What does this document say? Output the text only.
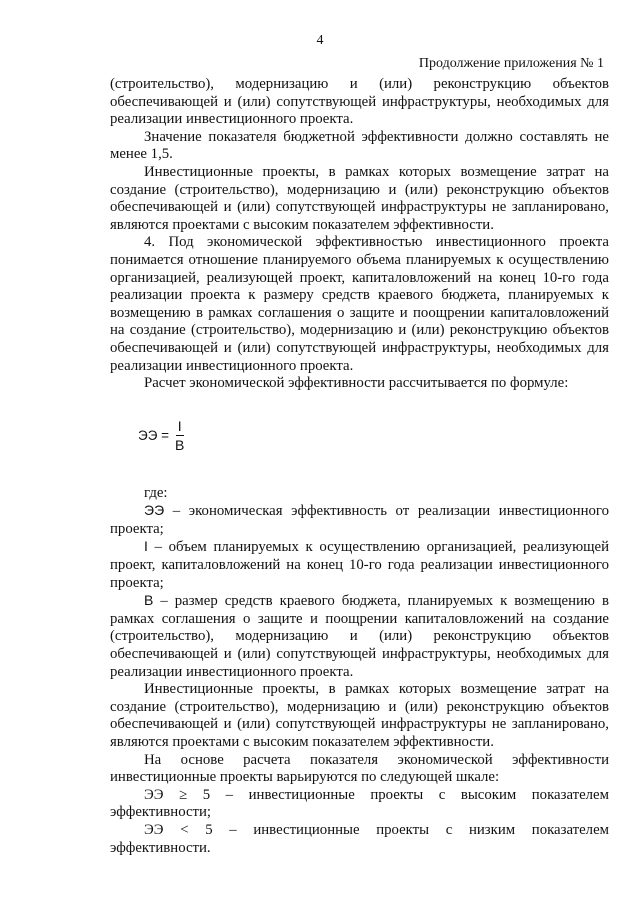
4
Продолжение приложения № 1

(строительство), модернизацию и (или) реконструкцию объектов обеспечивающей и (или) сопутствующей инфраструктуры, необходимых для реализации инвестиционного проекта.

Значение показателя бюджетной эффективности должно составлять не менее 1,5.

Инвестиционные проекты, в рамках которых возмещение затрат на создание (строительство), модернизацию и (или) реконструкцию объектов обеспечивающей и (или) сопутствующей инфраструктуры не запланировано, являются проектами с высоким показателем эффективности.

4. Под экономической эффективностью инвестиционного проекта понимается отношение планируемого объема планируемых к осуществлению организацией, реализующей проект, капиталовложений на конец 10-го года реализации проекта к размеру средств краевого бюджета, планируемых к возмещению в рамках соглашения о защите и поощрении капиталовложений на создание (строительство), модернизацию и (или) реконструкцию объектов обеспечивающей и (или) сопутствующей инфраструктуры, необходимых для реализации инвестиционного проекта.

Расчет экономической эффективности рассчитывается по формуле:

ЭЭ = $\frac{I}{B}$

где:

ЭЭ – экономическая эффективность от реализации инвестиционного проекта;

I – объем планируемых к осуществлению организацией, реализующей проект, капиталовложений на конец 10-го года реализации инвестиционного проекта;

B – размер средств краевого бюджета, планируемых к возмещению в рамках соглашения о защите и поощрении капиталовложений на создание (строительство), модернизацию и (или) реконструкцию объектов обеспечивающей и (или) сопутствующей инфраструктуры, необходимых для реализации инвестиционного проекта.

Инвестиционные проекты, в рамках которых возмещение затрат на создание (строительство), модернизацию и (или) реконструкцию объектов обеспечивающей и (или) сопутствующей инфраструктуры не запланировано, являются проектами с высоким показателем эффективности.

На основе расчета показателя экономической эффективности инвестиционные проекты варьируются по следующей шкале:

ЭЭ ≥ 5 – инвестиционные проекты с высоким показателем эффективности;

ЭЭ < 5 – инвестиционные проекты с низким показателем эффективности.
